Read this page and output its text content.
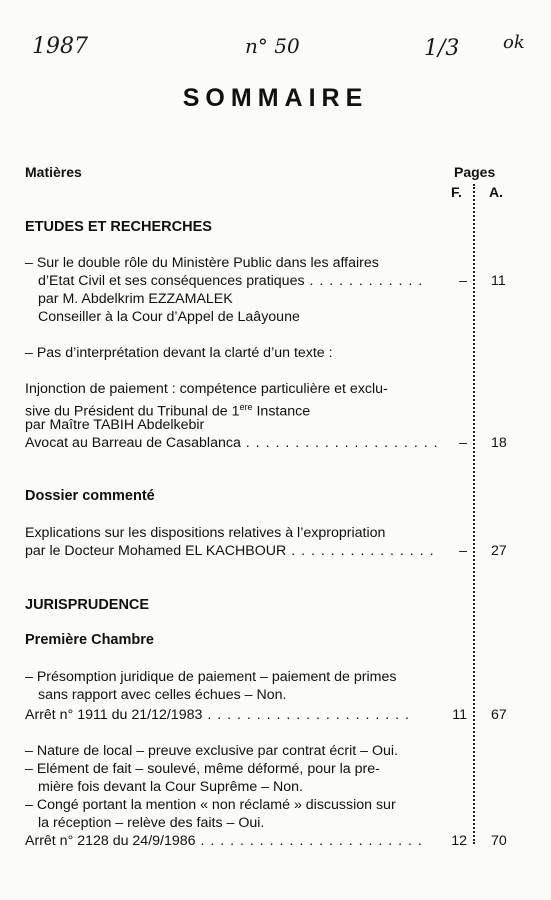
1987	n° 50	1/3 ok
SOMMAIRE
Matières	Pages
F. A.
ETUDES ET RECHERCHES
– Sur le double rôle du Ministère Public dans les affaires
d’Etat Civil et ses conséquences pratiques . . . . . . . . . . . .	– 11
par M. Abdelkrim EZZAMALEK
Conseiller à la Cour d’Appel de Laâyoune
– Pas d’interprétation devant la clarté d’un texte :
Injonction de paiement : compétence particulière et exclu-
sive du Président du Tribunal de 1ere Instance
par Maître TABIH Abdelkebir
Avocat au Barreau de Casablanca . . . . . . . . . . . . . . . . . . . .	– 18
Dossier commenté
Explications sur les dispositions relatives à l’expropriation
par le Docteur Mohamed EL KACHBOUR . . . . . . . . . . . . . . .	– 27
JURISPRUDENCE
Première Chambre
– Présomption juridique de paiement – paiement de primes
sans rapport avec celles échues – Non.
Arrêt n° 1911 du 21/12/1983 . . . . . . . . . . . . . . . . . . . . .	11 67
– Nature de local – preuve exclusive par contrat écrit – Oui.
– Elément de fait – soulevé, même déformé, pour la pre-
mière fois devant la Cour Suprême – Non.
– Congé portant la mention « non réclamé » discussion sur
la réception – relève des faits – Oui.
Arrêt n° 2128 du 24/9/1986 . . . . . . . . . . . . . . . . . . . . . . .	12 70
